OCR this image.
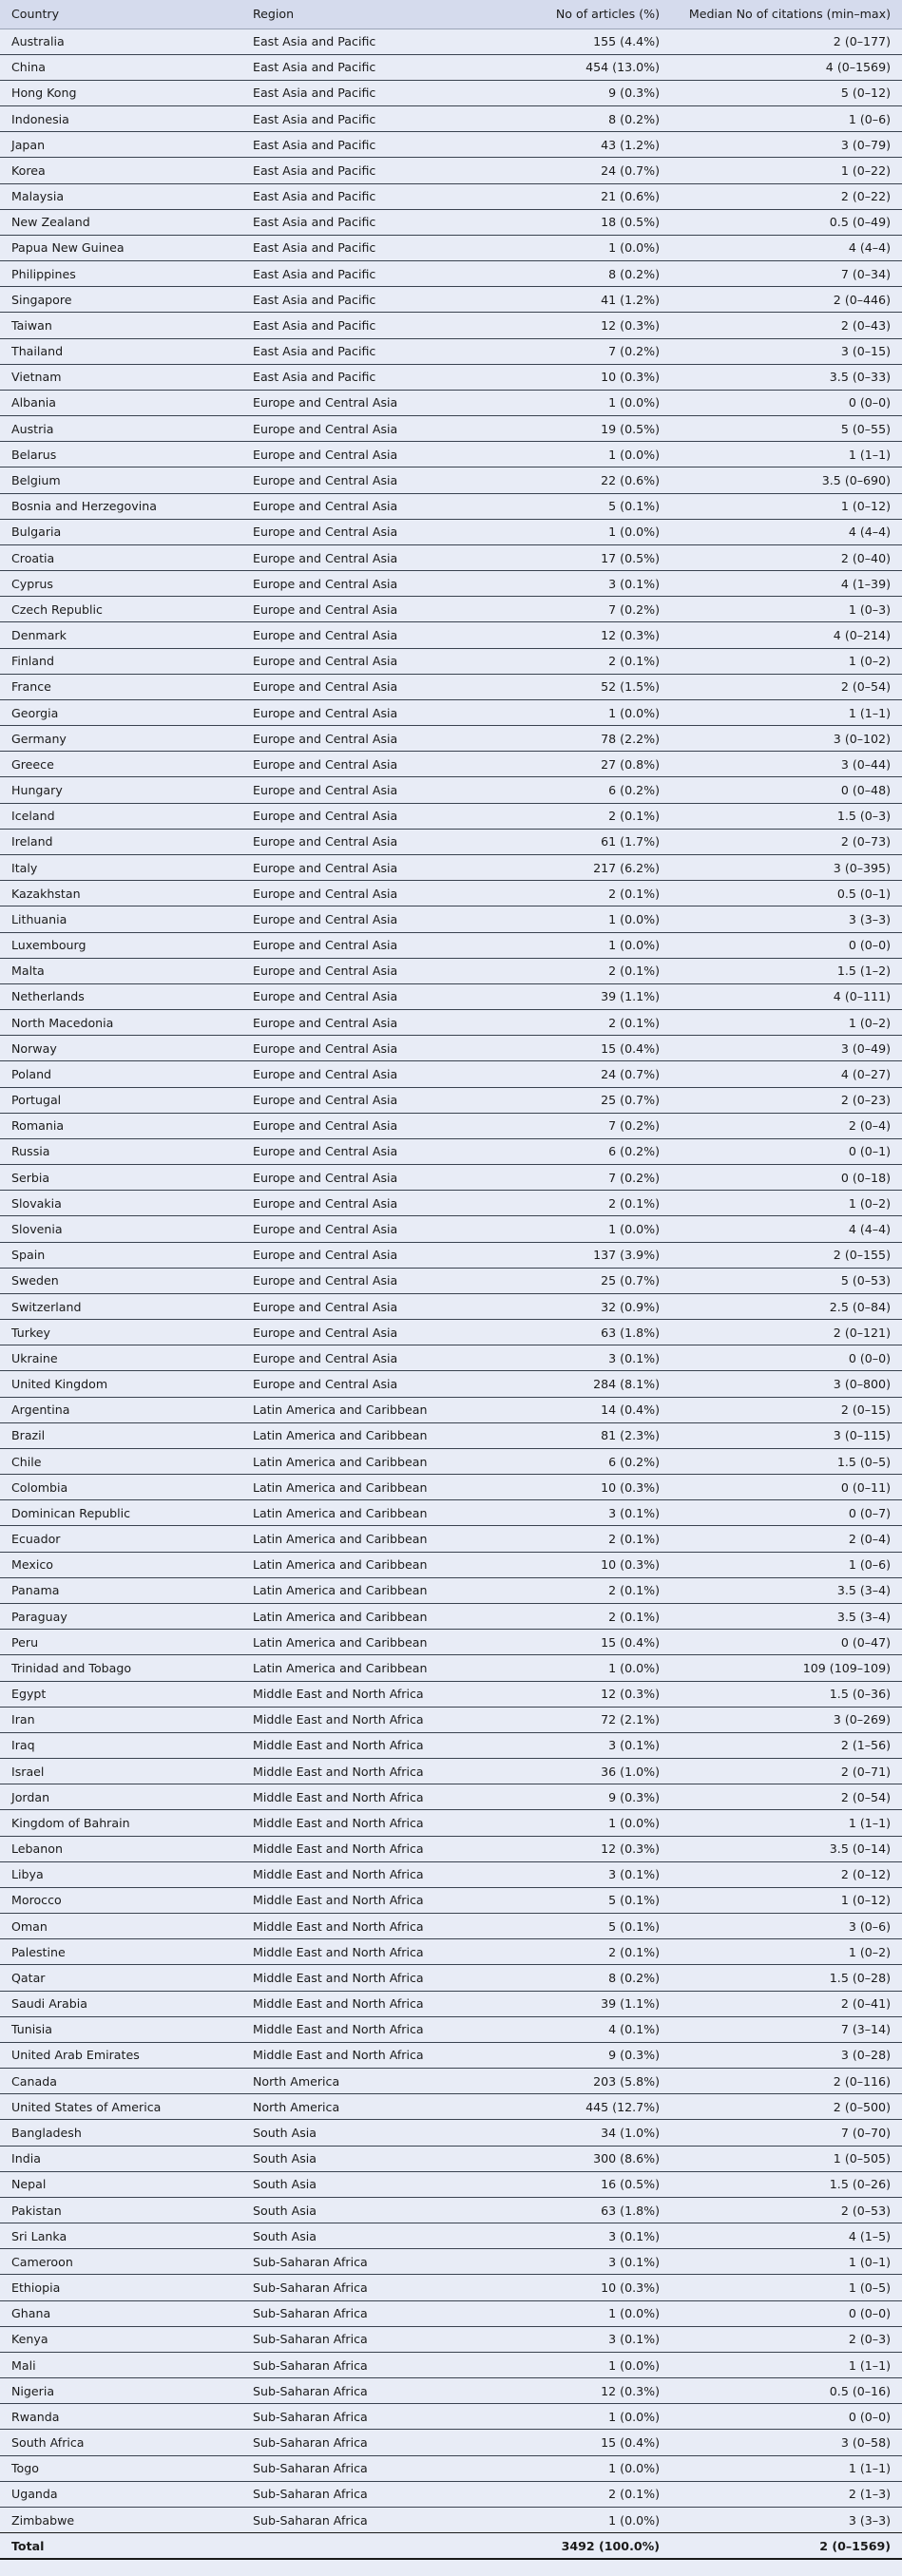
Country	Region	No of articles (%)	Median No of citations (min–max)
Australia	East Asia and Pacific	155 (4.4%)	2 (0–177)
China	East Asia and Pacific	454 (13.0%)	4 (0–1569)
Hong Kong	East Asia and Pacific	9 (0.3%)	5 (0–12)
Indonesia	East Asia and Pacific	8 (0.2%)	1 (0–6)
Japan	East Asia and Pacific	43 (1.2%)	3 (0–79)
Korea	East Asia and Pacific	24 (0.7%)	1 (0–22)
Malaysia	East Asia and Pacific	21 (0.6%)	2 (0–22)
New Zealand	East Asia and Pacific	18 (0.5%)	0.5 (0–49)
Papua New Guinea	East Asia and Pacific	1 (0.0%)	4 (4–4)
Philippines	East Asia and Pacific	8 (0.2%)	7 (0–34)
Singapore	East Asia and Pacific	41 (1.2%)	2 (0–446)
Taiwan	East Asia and Pacific	12 (0.3%)	2 (0–43)
Thailand	East Asia and Pacific	7 (0.2%)	3 (0–15)
Vietnam	East Asia and Pacific	10 (0.3%)	3.5 (0–33)
Albania	Europe and Central Asia	1 (0.0%)	0 (0–0)
Austria	Europe and Central Asia	19 (0.5%)	5 (0–55)
Belarus	Europe and Central Asia	1 (0.0%)	1 (1–1)
Belgium	Europe and Central Asia	22 (0.6%)	3.5 (0–690)
Bosnia and Herzegovina	Europe and Central Asia	5 (0.1%)	1 (0–12)
Bulgaria	Europe and Central Asia	1 (0.0%)	4 (4–4)
Croatia	Europe and Central Asia	17 (0.5%)	2 (0–40)
Cyprus	Europe and Central Asia	3 (0.1%)	4 (1–39)
Czech Republic	Europe and Central Asia	7 (0.2%)	1 (0–3)
Denmark	Europe and Central Asia	12 (0.3%)	4 (0–214)
Finland	Europe and Central Asia	2 (0.1%)	1 (0–2)
France	Europe and Central Asia	52 (1.5%)	2 (0–54)
Georgia	Europe and Central Asia	1 (0.0%)	1 (1–1)
Germany	Europe and Central Asia	78 (2.2%)	3 (0–102)
Greece	Europe and Central Asia	27 (0.8%)	3 (0–44)
Hungary	Europe and Central Asia	6 (0.2%)	0 (0–48)
Iceland	Europe and Central Asia	2 (0.1%)	1.5 (0–3)
Ireland	Europe and Central Asia	61 (1.7%)	2 (0–73)
Italy	Europe and Central Asia	217 (6.2%)	3 (0–395)
Kazakhstan	Europe and Central Asia	2 (0.1%)	0.5 (0–1)
Lithuania	Europe and Central Asia	1 (0.0%)	3 (3–3)
Luxembourg	Europe and Central Asia	1 (0.0%)	0 (0–0)
Malta	Europe and Central Asia	2 (0.1%)	1.5 (1–2)
Netherlands	Europe and Central Asia	39 (1.1%)	4 (0–111)
North Macedonia	Europe and Central Asia	2 (0.1%)	1 (0–2)
Norway	Europe and Central Asia	15 (0.4%)	3 (0–49)
Poland	Europe and Central Asia	24 (0.7%)	4 (0–27)
Portugal	Europe and Central Asia	25 (0.7%)	2 (0–23)
Romania	Europe and Central Asia	7 (0.2%)	2 (0–4)
Russia	Europe and Central Asia	6 (0.2%)	0 (0–1)
Serbia	Europe and Central Asia	7 (0.2%)	0 (0–18)
Slovakia	Europe and Central Asia	2 (0.1%)	1 (0–2)
Slovenia	Europe and Central Asia	1 (0.0%)	4 (4–4)
Spain	Europe and Central Asia	137 (3.9%)	2 (0–155)
Sweden	Europe and Central Asia	25 (0.7%)	5 (0–53)
Switzerland	Europe and Central Asia	32 (0.9%)	2.5 (0–84)
Turkey	Europe and Central Asia	63 (1.8%)	2 (0–121)
Ukraine	Europe and Central Asia	3 (0.1%)	0 (0–0)
United Kingdom	Europe and Central Asia	284 (8.1%)	3 (0–800)
Argentina	Latin America and Caribbean	14 (0.4%)	2 (0–15)
Brazil	Latin America and Caribbean	81 (2.3%)	3 (0–115)
Chile	Latin America and Caribbean	6 (0.2%)	1.5 (0–5)
Colombia	Latin America and Caribbean	10 (0.3%)	0 (0–11)
Dominican Republic	Latin America and Caribbean	3 (0.1%)	0 (0–7)
Ecuador	Latin America and Caribbean	2 (0.1%)	2 (0–4)
Mexico	Latin America and Caribbean	10 (0.3%)	1 (0–6)
Panama	Latin America and Caribbean	2 (0.1%)	3.5 (3–4)
Paraguay	Latin America and Caribbean	2 (0.1%)	3.5 (3–4)
Peru	Latin America and Caribbean	15 (0.4%)	0 (0–47)
Trinidad and Tobago	Latin America and Caribbean	1 (0.0%)	109 (109–109)
Egypt	Middle East and North Africa	12 (0.3%)	1.5 (0–36)
Iran	Middle East and North Africa	72 (2.1%)	3 (0–269)
Iraq	Middle East and North Africa	3 (0.1%)	2 (1–56)
Israel	Middle East and North Africa	36 (1.0%)	2 (0–71)
Jordan	Middle East and North Africa	9 (0.3%)	2 (0–54)
Kingdom of Bahrain	Middle East and North Africa	1 (0.0%)	1 (1–1)
Lebanon	Middle East and North Africa	12 (0.3%)	3.5 (0–14)
Libya	Middle East and North Africa	3 (0.1%)	2 (0–12)
Morocco	Middle East and North Africa	5 (0.1%)	1 (0–12)
Oman	Middle East and North Africa	5 (0.1%)	3 (0–6)
Palestine	Middle East and North Africa	2 (0.1%)	1 (0–2)
Qatar	Middle East and North Africa	8 (0.2%)	1.5 (0–28)
Saudi Arabia	Middle East and North Africa	39 (1.1%)	2 (0–41)
Tunisia	Middle East and North Africa	4 (0.1%)	7 (3–14)
United Arab Emirates	Middle East and North Africa	9 (0.3%)	3 (0–28)
Canada	North America	203 (5.8%)	2 (0–116)
United States of America	North America	445 (12.7%)	2 (0–500)
Bangladesh	South Asia	34 (1.0%)	7 (0–70)
India	South Asia	300 (8.6%)	1 (0–505)
Nepal	South Asia	16 (0.5%)	1.5 (0–26)
Pakistan	South Asia	63 (1.8%)	2 (0–53)
Sri Lanka	South Asia	3 (0.1%)	4 (1–5)
Cameroon	Sub-Saharan Africa	3 (0.1%)	1 (0–1)
Ethiopia	Sub-Saharan Africa	10 (0.3%)	1 (0–5)
Ghana	Sub-Saharan Africa	1 (0.0%)	0 (0–0)
Kenya	Sub-Saharan Africa	3 (0.1%)	2 (0–3)
Mali	Sub-Saharan Africa	1 (0.0%)	1 (1–1)
Nigeria	Sub-Saharan Africa	12 (0.3%)	0.5 (0–16)
Rwanda	Sub-Saharan Africa	1 (0.0%)	0 (0–0)
South Africa	Sub-Saharan Africa	15 (0.4%)	3 (0–58)
Togo	Sub-Saharan Africa	1 (0.0%)	1 (1–1)
Uganda	Sub-Saharan Africa	2 (0.1%)	2 (1–3)
Zimbabwe	Sub-Saharan Africa	1 (0.0%)	3 (3–3)
Total		3492 (100.0%)	2 (0–1569)
